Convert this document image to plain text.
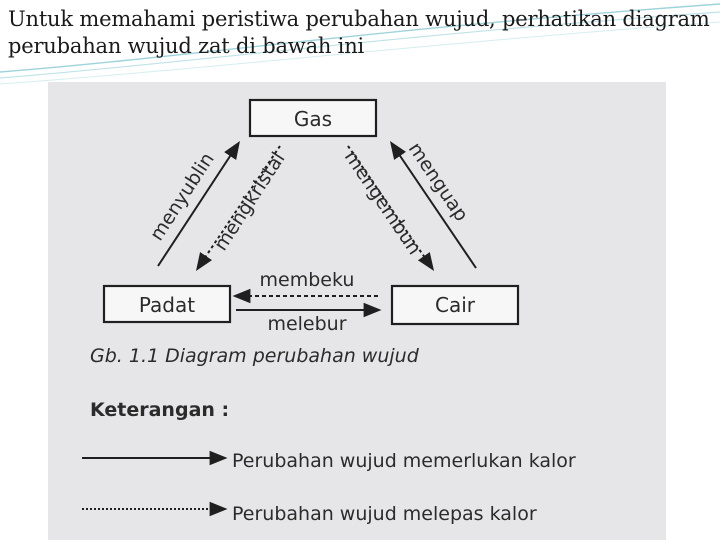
Untuk memahami peristiwa perubahan wujud, perhatikan diagram perubahan wujud zat di bawah ini
Gas
Padat	Cair
menyublin
mengkristal	mengembun
menguap
membeku
melebur
Gb. 1.1 Diagram perubahan wujud
Keterangan :
Perubahan wujud memerlukan kalor
Perubahan wujud melepas kalor
